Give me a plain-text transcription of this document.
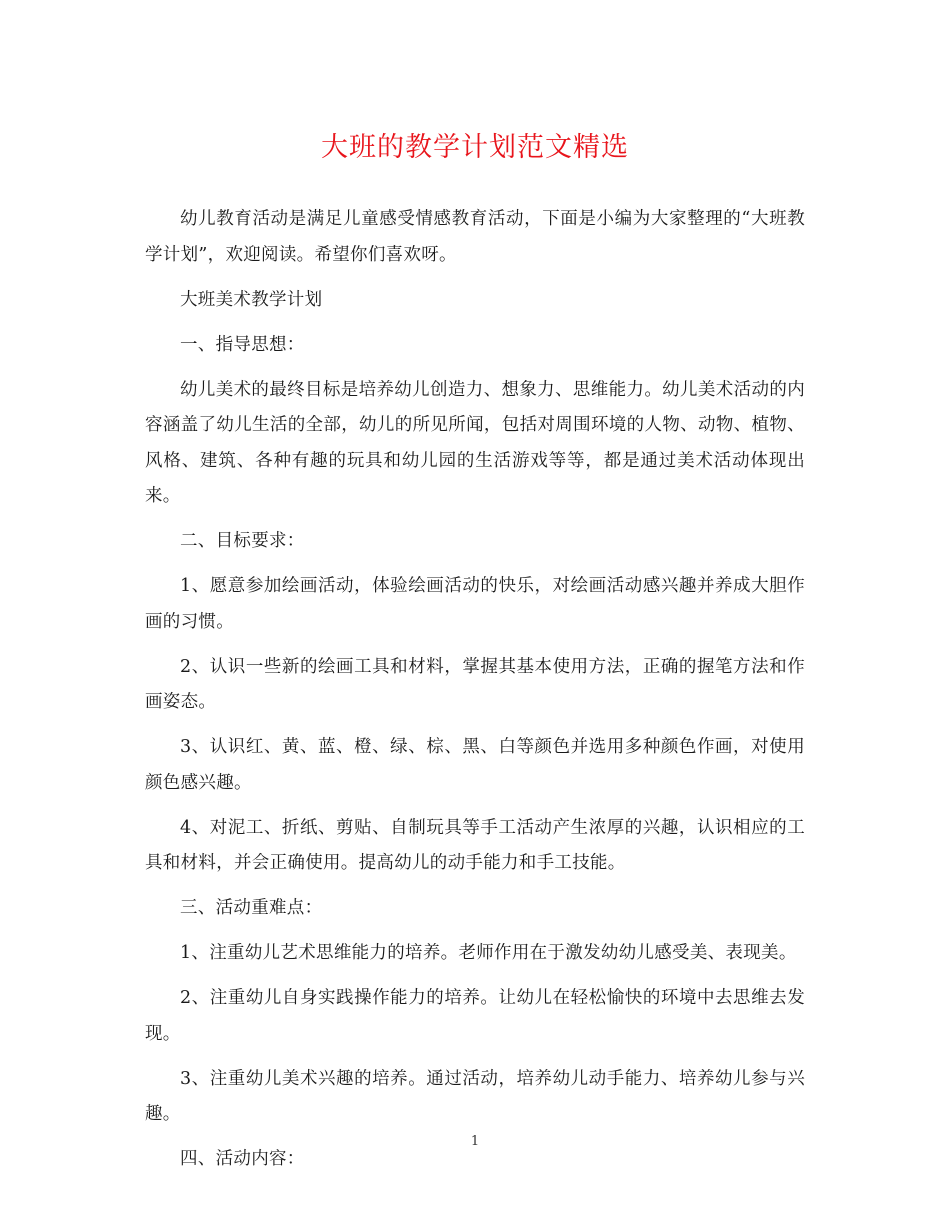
大班的教学计划范文精选

幼儿教育活动是满足儿童感受情感教育活动，下面是小编为大家整理的“大班教学计划”，欢迎阅读。希望你们喜欢呀。

大班美术教学计划

一、指导思想：

幼儿美术的最终目标是培养幼儿创造力、想象力、思维能力。幼儿美术活动的内容涵盖了幼儿生活的全部，幼儿的所见所闻，包括对周围环境的人物、动物、植物、风格、建筑、各种有趣的玩具和幼儿园的生活游戏等等，都是通过美术活动体现出来。

二、目标要求：

1、愿意参加绘画活动，体验绘画活动的快乐，对绘画活动感兴趣并养成大胆作画的习惯。

2、认识一些新的绘画工具和材料，掌握其基本使用方法，正确的握笔方法和作画姿态。

3、认识红、黄、蓝、橙、绿、棕、黑、白等颜色并选用多种颜色作画，对使用颜色感兴趣。

4、对泥工、折纸、剪贴、自制玩具等手工活动产生浓厚的兴趣，认识相应的工具和材料，并会正确使用。提高幼儿的动手能力和手工技能。

三、活动重难点：

1、注重幼儿艺术思维能力的培养。老师作用在于激发幼幼儿感受美、表现美。

2、注重幼儿自身实践操作能力的培养。让幼儿在轻松愉快的环境中去思维去发现。

3、注重幼儿美术兴趣的培养。通过活动，培养幼儿动手能力、培养幼儿参与兴趣。

四、活动内容：

1
